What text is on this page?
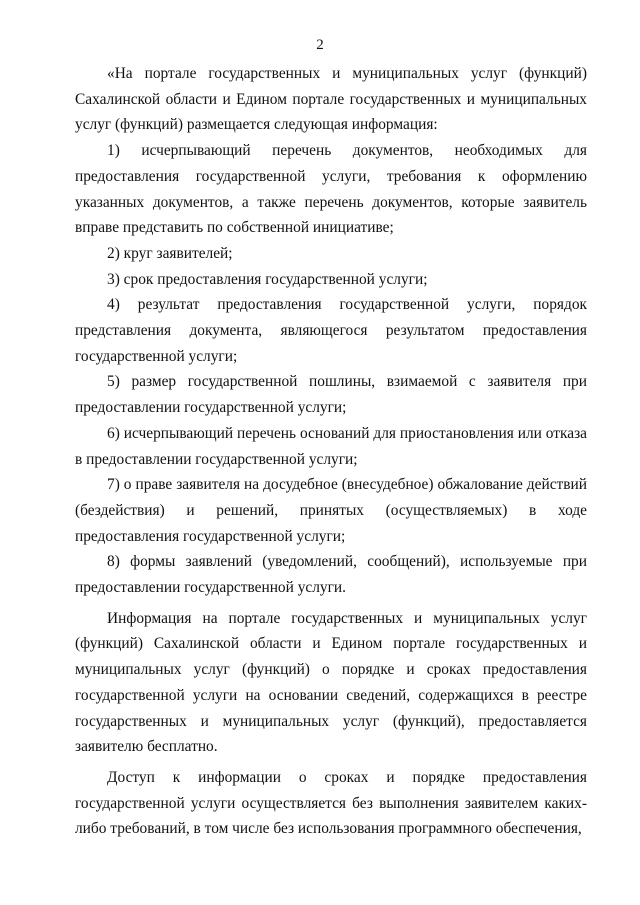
2

«На портале государственных и муниципальных услуг (функций) Сахалинской области и Едином портале государственных и муниципальных услуг (функций) размещается следующая информация:

1) исчерпывающий перечень документов, необходимых для предоставления государственной услуги, требования к оформлению указанных документов, а также перечень документов, которые заявитель вправе представить по собственной инициативе;

2) круг заявителей;

3) срок предоставления государственной услуги;

4) результат предоставления государственной услуги, порядок представления документа, являющегося результатом предоставления государственной услуги;

5) размер государственной пошлины, взимаемой с заявителя при предоставлении государственной услуги;

6) исчерпывающий перечень оснований для приостановления или отказа в предоставлении государственной услуги;

7) о праве заявителя на досудебное (внесудебное) обжалование действий (бездействия) и решений, принятых (осуществляемых) в ходе предоставления государственной услуги;

8) формы заявлений (уведомлений, сообщений), используемые при предоставлении государственной услуги.

Информация на портале государственных и муниципальных услуг (функций) Сахалинской области и Едином портале государственных и муниципальных услуг (функций) о порядке и сроках предоставления государственной услуги на основании сведений, содержащихся в реестре государственных и муниципальных услуг (функций), предоставляется заявителю бесплатно.

Доступ к информации о сроках и порядке предоставления государственной услуги осуществляется без выполнения заявителем каких-либо требований, в том числе без использования программного обеспечения,
